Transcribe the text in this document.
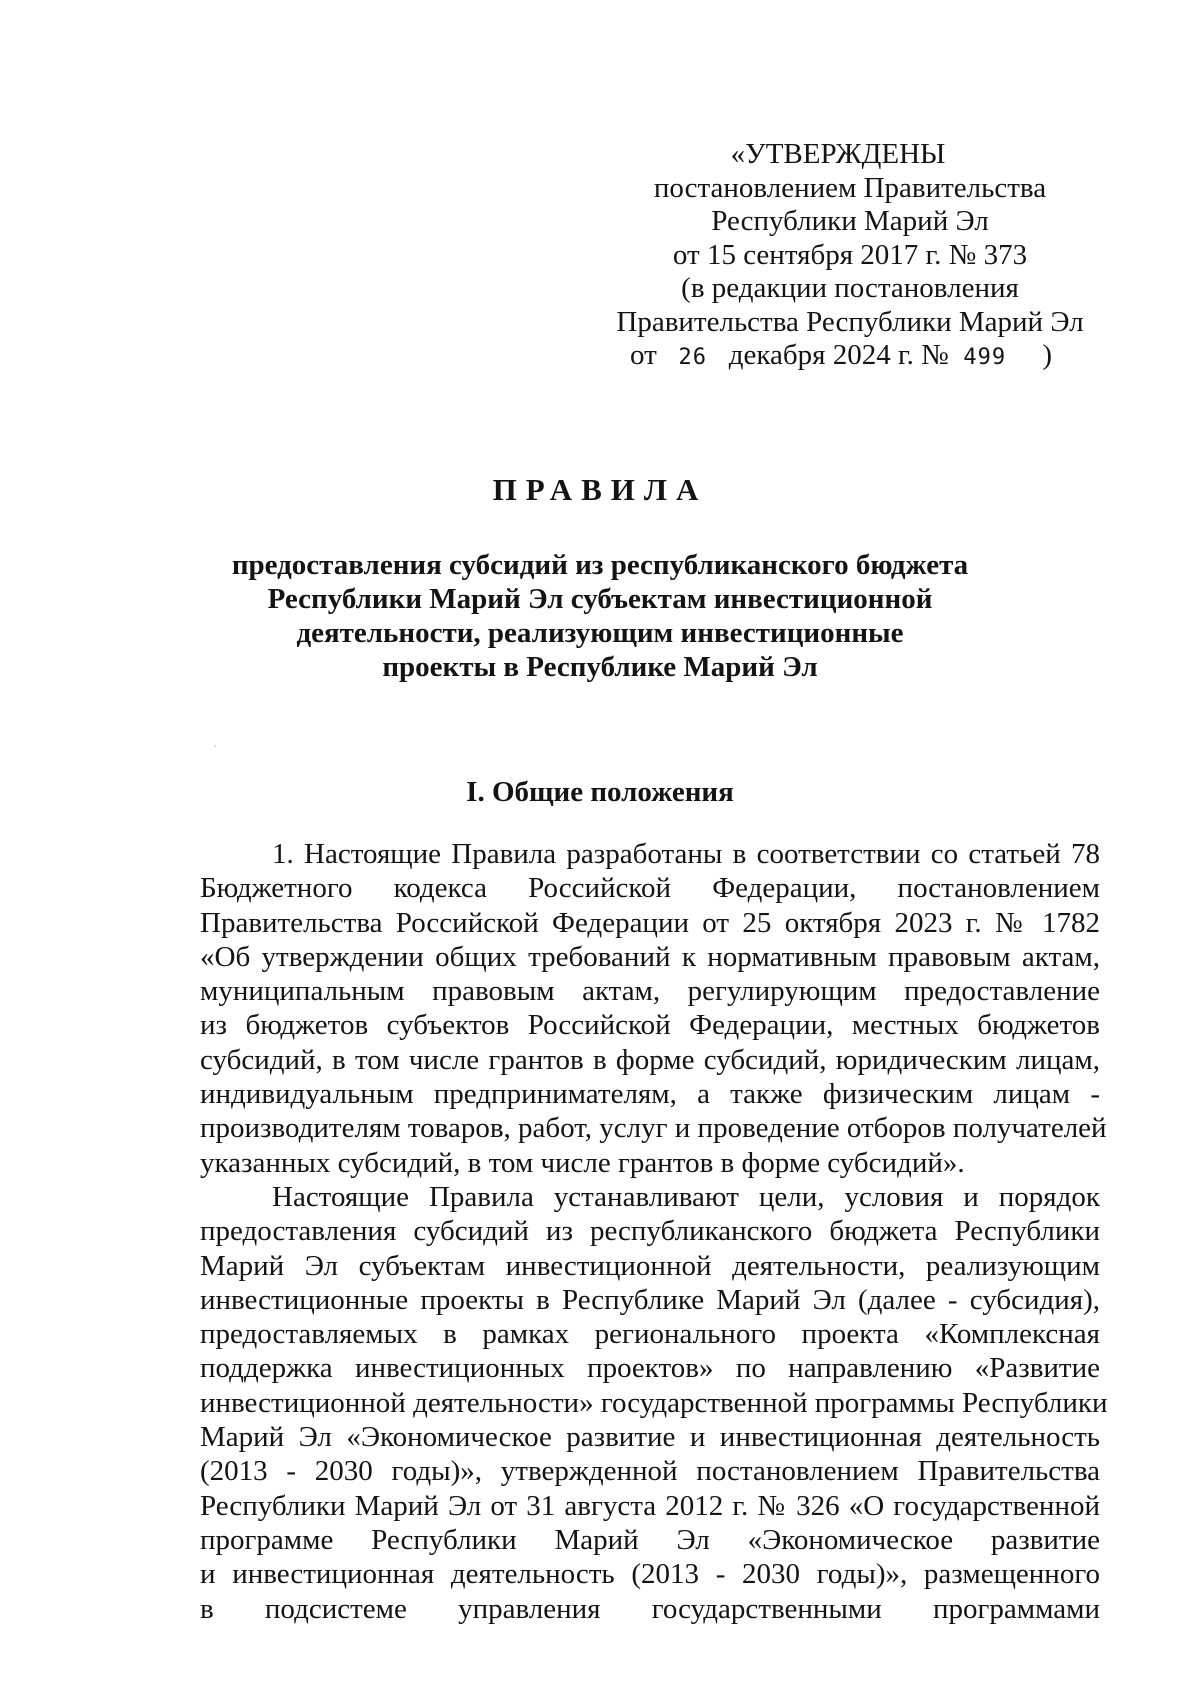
«УТВЕРЖДЕНЫ
постановлением Правительства
Республики Марий Эл
от 15 сентября 2017 г. № 373
(в редакции постановления
Правительства Республики Марий Эл
от 26 декабря 2024 г. № 499 )
ПРАВИЛА
предоставления субсидий из республиканского бюджета
Республики Марий Эл субъектам инвестиционной
деятельности, реализующим инвестиционные
проекты в Республике Марий Эл
I. Общие положения
1. Настоящие Правила разработаны в соответствии со статьей 78
Бюджетного кодекса Российской Федерации, постановлением
Правительства Российской Федерации от 25 октября 2023 г. № 1782
«Об утверждении общих требований к нормативным правовым актам,
муниципальным правовым актам, регулирующим предоставление
из бюджетов субъектов Российской Федерации, местных бюджетов
субсидий, в том числе грантов в форме субсидий, юридическим лицам,
индивидуальным предпринимателям, а также физическим лицам -
производителям товаров, работ, услуг и проведение отборов получателей
указанных субсидий, в том числе грантов в форме субсидий».
Настоящие Правила устанавливают цели, условия и порядок
предоставления субсидий из республиканского бюджета Республики
Марий Эл субъектам инвестиционной деятельности, реализующим
инвестиционные проекты в Республике Марий Эл (далее - субсидия),
предоставляемых в рамках регионального проекта «Комплексная
поддержка инвестиционных проектов» по направлению «Развитие
инвестиционной деятельности» государственной программы Республики
Марий Эл «Экономическое развитие и инвестиционная деятельность
(2013 - 2030 годы)», утвержденной постановлением Правительства
Республики Марий Эл от 31 августа 2012 г. № 326 «О государственной
программе Республики Марий Эл «Экономическое развитие
и инвестиционная деятельность (2013 - 2030 годы)», размещенного
в подсистеме управления государственными программами
